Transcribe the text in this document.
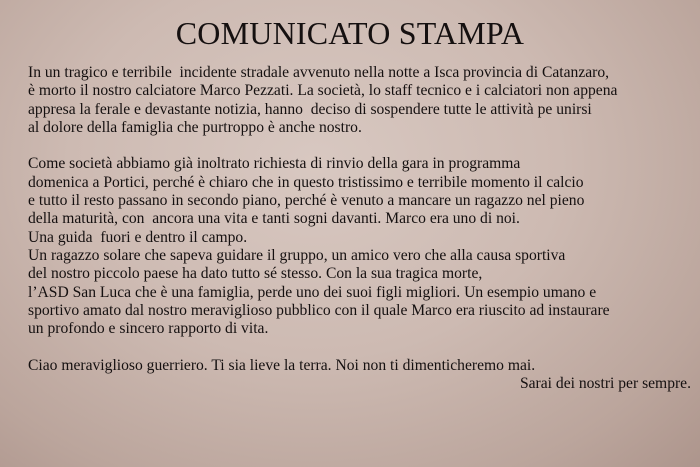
COMUNICATO STAMPA
In un tragico e terribile  incidente stradale avvenuto nella notte a Isca provincia di Catanzaro,
è morto il nostro calciatore Marco Pezzati. La società, lo staff tecnico e i calciatori non appena
appresa la ferale e devastante notizia, hanno  deciso di sospendere tutte le attività pe unirsi
al dolore della famiglia che purtroppo è anche nostro.
Come società abbiamo già inoltrato richiesta di rinvio della gara in programma
domenica a Portici, perché è chiaro che in questo tristissimo e terribile momento il calcio
e tutto il resto passano in secondo piano, perché è venuto a mancare un ragazzo nel pieno
della maturità, con  ancora una vita e tanti sogni davanti. Marco era uno di noi.
Una guida  fuori e dentro il campo.
Un ragazzo solare che sapeva guidare il gruppo, un amico vero che alla causa sportiva
del nostro piccolo paese ha dato tutto sé stesso. Con la sua tragica morte,
l’ASD San Luca che è una famiglia, perde uno dei suoi figli migliori. Un esempio umano e
sportivo amato dal nostro meraviglioso pubblico con il quale Marco era riuscito ad instaurare
un profondo e sincero rapporto di vita.
Ciao meraviglioso guerriero. Ti sia lieve la terra. Noi non ti dimenticheremo mai.
Sarai dei nostri per sempre.
